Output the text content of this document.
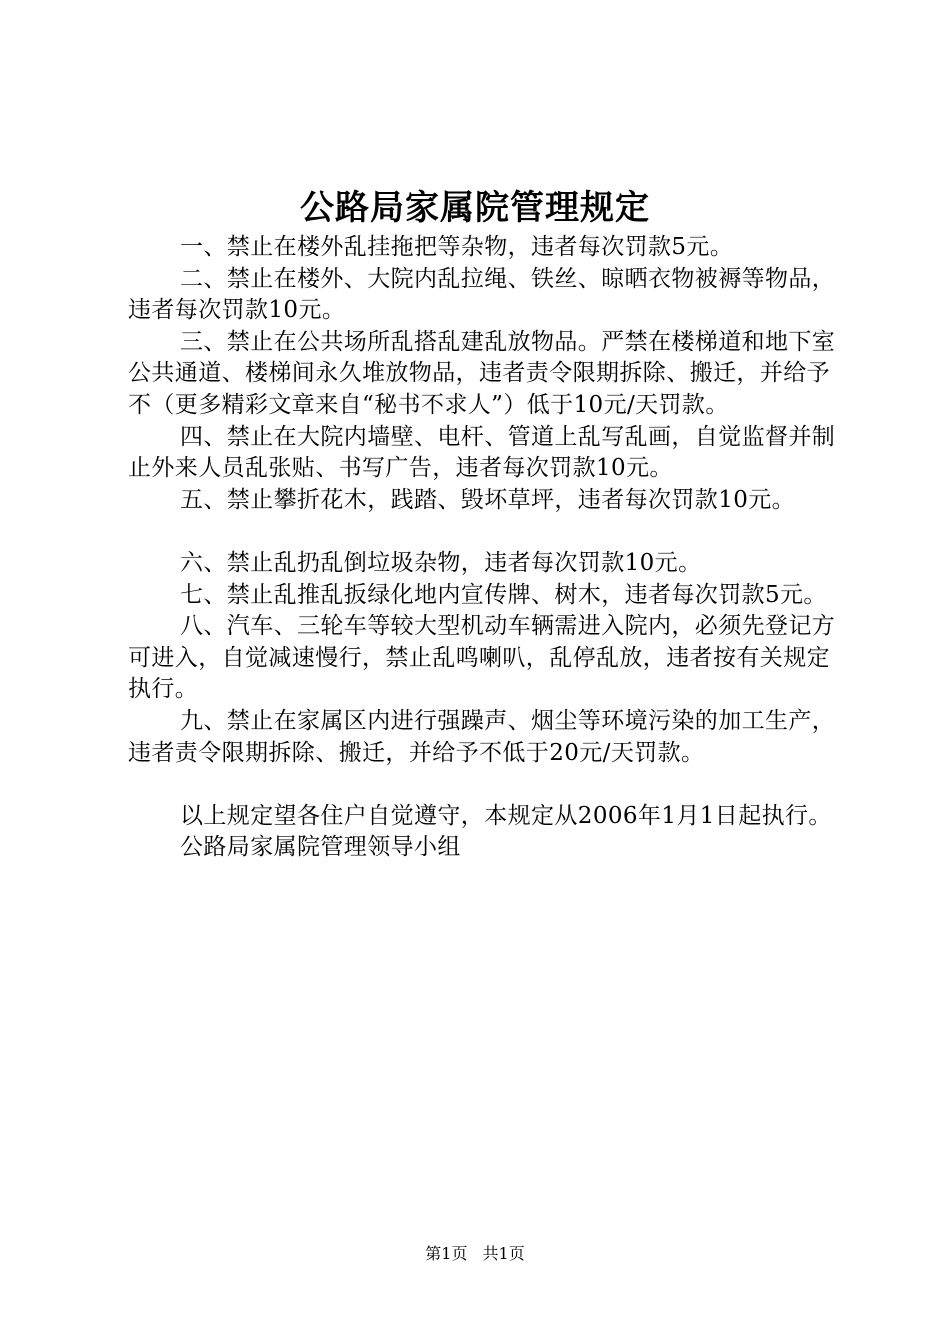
公路局家属院管理规定

一、禁止在楼外乱挂拖把等杂物，违者每次罚款5元。

二、禁止在楼外、大院内乱拉绳、铁丝、晾晒衣物被褥等物品，违者每次罚款10元。

三、禁止在公共场所乱搭乱建乱放物品。严禁在楼梯道和地下室公共通道、楼梯间永久堆放物品，违者责令限期拆除、搬迁，并给予不（更多精彩文章来自“秘书不求人”）低于10元/天罚款。

四、禁止在大院内墙壁、电杆、管道上乱写乱画，自觉监督并制止外来人员乱张贴、书写广告，违者每次罚款10元。

五、禁止攀折花木，践踏、毁坏草坪，违者每次罚款10元。

六、禁止乱扔乱倒垃圾杂物，违者每次罚款10元。

七、禁止乱推乱扳绿化地内宣传牌、树木，违者每次罚款5元。

八、汽车、三轮车等较大型机动车辆需进入院内，必须先登记方可进入，自觉减速慢行，禁止乱鸣喇叭，乱停乱放，违者按有关规定执行。

九、禁止在家属区内进行强躁声、烟尘等环境污染的加工生产，违者责令限期拆除、搬迁，并给予不低于20元/天罚款。

以上规定望各住户自觉遵守，本规定从2006年1月1日起执行。

公路局家属院管理领导小组

第1页 共1页
